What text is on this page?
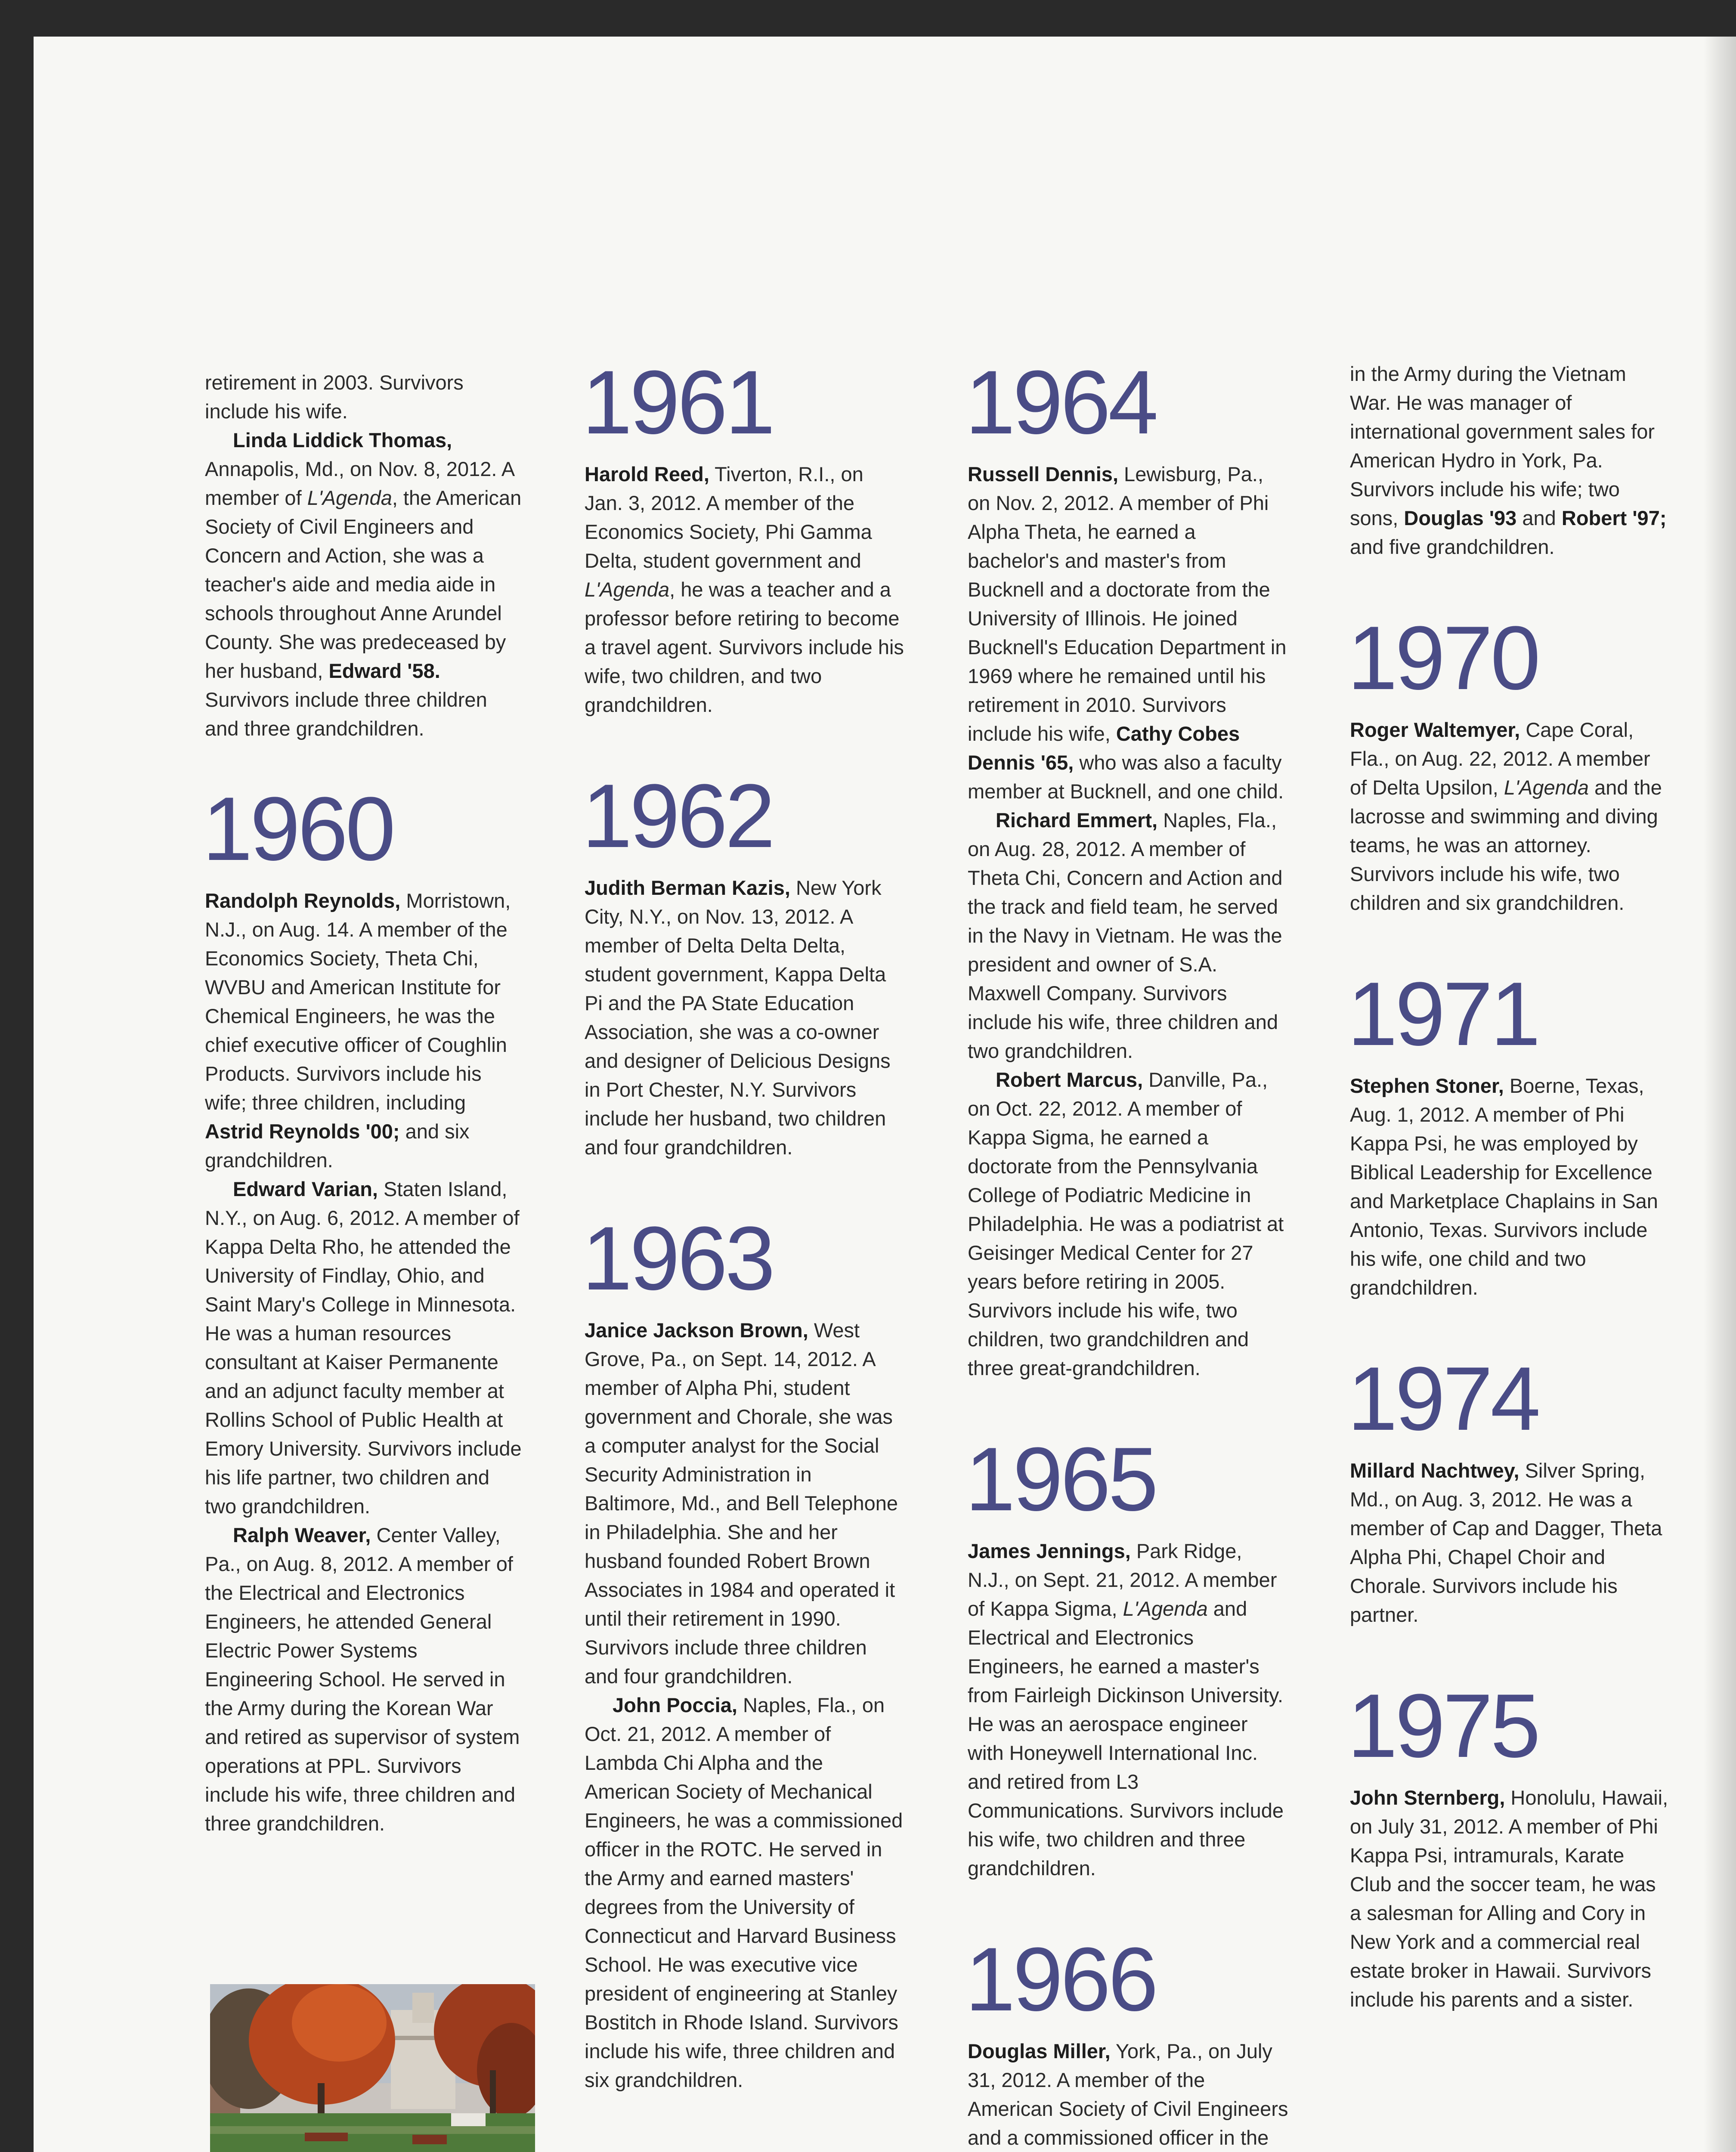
retirement in 2003. Survivors include his wife.

Linda Liddick Thomas, Annapolis, Md., on Nov. 8, 2012. A member of L'Agenda, the American Society of Civil Engineers and Concern and Action, she was a teacher's aide and media aide in schools throughout Anne Arundel County. She was predeceased by her husband, Edward '58. Survivors include three children and three grandchildren.

1960

Randolph Reynolds, Morristown, N.J., on Aug. 14. A member of the Economics Society, Theta Chi, WVBU and American Institute for Chemical Engineers, he was the chief executive officer of Coughlin Products. Survivors include his wife; three children, including Astrid Reynolds '00; and six grandchildren.

Edward Varian, Staten Island, N.Y., on Aug. 6, 2012. A member of Kappa Delta Rho, he attended the University of Findlay, Ohio, and Saint Mary's College in Minnesota. He was a human resources consultant at Kaiser Permanente and an adjunct faculty member at Rollins School of Public Health at Emory University. Survivors include his life partner, two children and two grandchildren.

Ralph Weaver, Center Valley, Pa., on Aug. 8, 2012. A member of the Electrical and Electronics Engineers, he attended General Electric Power Systems Engineering School. He served in the Army during the Korean War and retired as supervisor of system operations at PPL. Survivors include his wife, three children and three grandchildren.

1961

Harold Reed, Tiverton, R.I., on Jan. 3, 2012. A member of the Economics Society, Phi Gamma Delta, student government and L'Agenda, he was a teacher and a professor before retiring to become a travel agent. Survivors include his wife, two children, and two grandchildren.

1962

Judith Berman Kazis, New York City, N.Y., on Nov. 13, 2012. A member of Delta Delta Delta, student government, Kappa Delta Pi and the PA State Education Association, she was a co-owner and designer of Delicious Designs in Port Chester, N.Y. Survivors include her husband, two children and four grandchildren.

1963

Janice Jackson Brown, West Grove, Pa., on Sept. 14, 2012. A member of Alpha Phi, student government and Chorale, she was a computer analyst for the Social Security Administration in Baltimore, Md., and Bell Telephone in Philadelphia. She and her husband founded Robert Brown Associates in 1984 and operated it until their retirement in 1990. Survivors include three children and four grandchildren.

John Poccia, Naples, Fla., on Oct. 21, 2012. A member of Lambda Chi Alpha and the American Society of Mechanical Engineers, he was a commissioned officer in the ROTC. He served in the Army and earned masters' degrees from the University of Connecticut and Harvard Business School. He was executive vice president of engineering at Stanley Bostitch in Rhode Island. Survivors include his wife, three children and six grandchildren.

1964

Russell Dennis, Lewisburg, Pa., on Nov. 2, 2012. A member of Phi Alpha Theta, he earned a bachelor's and master's from Bucknell and a doctorate from the University of Illinois. He joined Bucknell's Education Department in 1969 where he remained until his retirement in 2010. Survivors include his wife, Cathy Cobes Dennis '65, who was also a faculty member at Bucknell, and one child.

Richard Emmert, Naples, Fla., on Aug. 28, 2012. A member of Theta Chi, Concern and Action and the track and field team, he served in the Navy in Vietnam. He was the president and owner of S.A. Maxwell Company. Survivors include his wife, three children and two grandchildren.

Robert Marcus, Danville, Pa., on Oct. 22, 2012. A member of Kappa Sigma, he earned a doctorate from the Pennsylvania College of Podiatric Medicine in Philadelphia. He was a podiatrist at Geisinger Medical Center for 27 years before retiring in 2005. Survivors include his wife, two children, two grandchildren and three great-grandchildren.

1965

James Jennings, Park Ridge, N.J., on Sept. 21, 2012. A member of Kappa Sigma, L'Agenda and Electrical and Electronics Engineers, he earned a master's from Fairleigh Dickinson University. He was an aerospace engineer with Honeywell International Inc. and retired from L3 Communications. Survivors include his wife, two children and three grandchildren.

1966

Douglas Miller, York, Pa., on July 31, 2012. A member of the American Society of Civil Engineers and a commissioned officer in the

in the Army during the Vietnam War. He was manager of international government sales for American Hydro in York, Pa. Survivors include his wife; two sons, Douglas '93 and Robert '97; and five grandchildren.

1970

Roger Waltemyer, Cape Coral, Fla., on Aug. 22, 2012. A member of Delta Upsilon, L'Agenda and the lacrosse and swimming and diving teams, he was an attorney. Survivors include his wife, two children and six grandchildren.

1971

Stephen Stoner, Boerne, Texas, Aug. 1, 2012. A member of Phi Kappa Psi, he was employed by Biblical Leadership for Excellence and Marketplace Chaplains in San Antonio, Texas. Survivors include his wife, one child and two grandchildren.

1974

Millard Nachtwey, Silver Spring, Md., on Aug. 3, 2012. He was a member of Cap and Dagger, Theta Alpha Phi, Chapel Choir and Chorale. Survivors include his partner.

1975

John Sternberg, Honolulu, Hawaii, on July 31, 2012. A member of Phi Kappa Psi, intramurals, Karate Club and the soccer team, he was a salesman for Alling and Cory in New York and a commercial real estate broker in Hawaii. Survivors include his parents and a sister.
